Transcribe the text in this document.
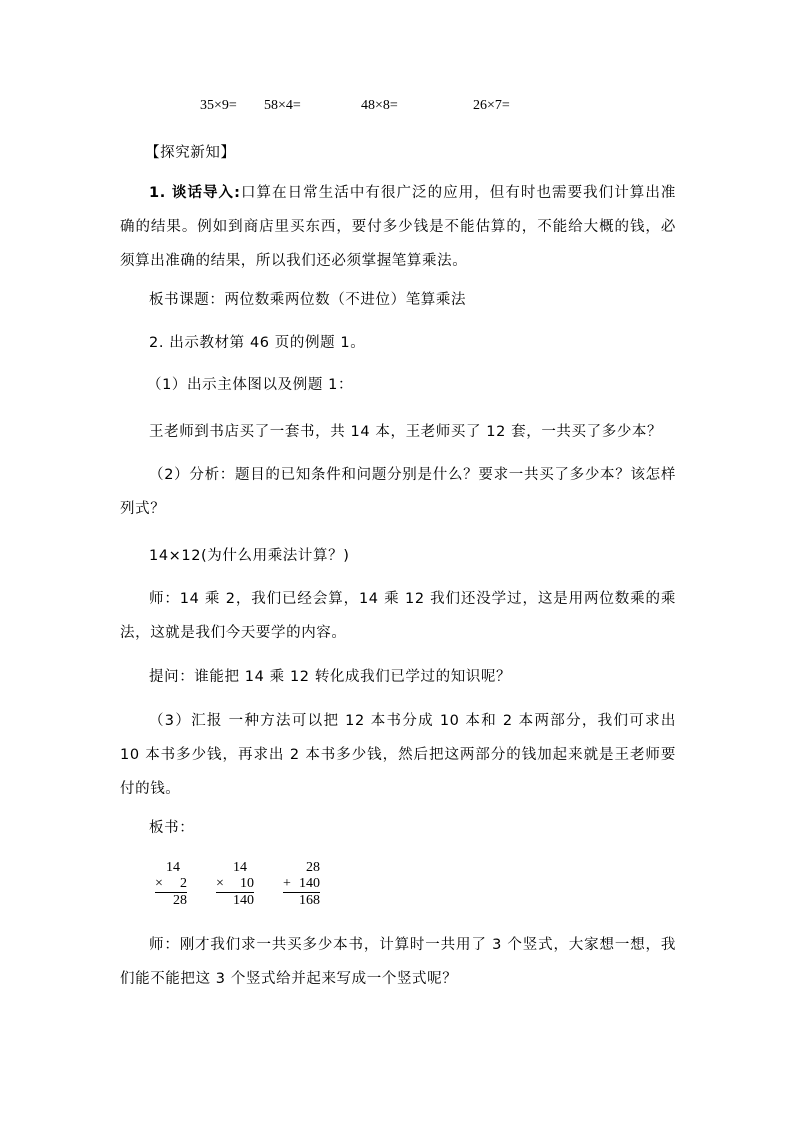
35×9= 58×4=	48×8=	26×7=
【探究新知】
1. 谈话导入:口算在日常生活中有很广泛的应用，但有时也需要我们计算出准确的结果。例如到商店里买东西，要付多少钱是不能估算的，不能给大概的钱，必须算出准确的结果，所以我们还必须掌握笔算乘法。
板书课题：两位数乘两位数（不进位）笔算乘法
2. 出示教材第 46 页的例题 1。
（1）出示主体图以及例题 1：
王老师到书店买了一套书，共 14 本，王老师买了 12 套，一共买了多少本？
（2）分析：题目的已知条件和问题分别是什么？要求一共买了多少本？该怎样列式？
14×12(为什么用乘法计算？)
师：14 乘 2，我们已经会算，14 乘 12 我们还没学过，这是用两位数乘的乘法，这就是我们今天要学的内容。
提问：谁能把 14 乘 12 转化成我们已学过的知识呢？
（3）汇报 一种方法可以把 12 本书分成 10 本和 2 本两部分，我们可求出 10 本书多少钱，再求出 2 本书多少钱，然后把这两部分的钱加起来就是王老师要付的钱。
板书：
14

× 2
28
14

× 10
140
28
+ 140
168
师：刚才我们求一共买多少本书，计算时一共用了 3 个竖式，大家想一想，我们能不能把这 3 个竖式给并起来写成一个竖式呢？
